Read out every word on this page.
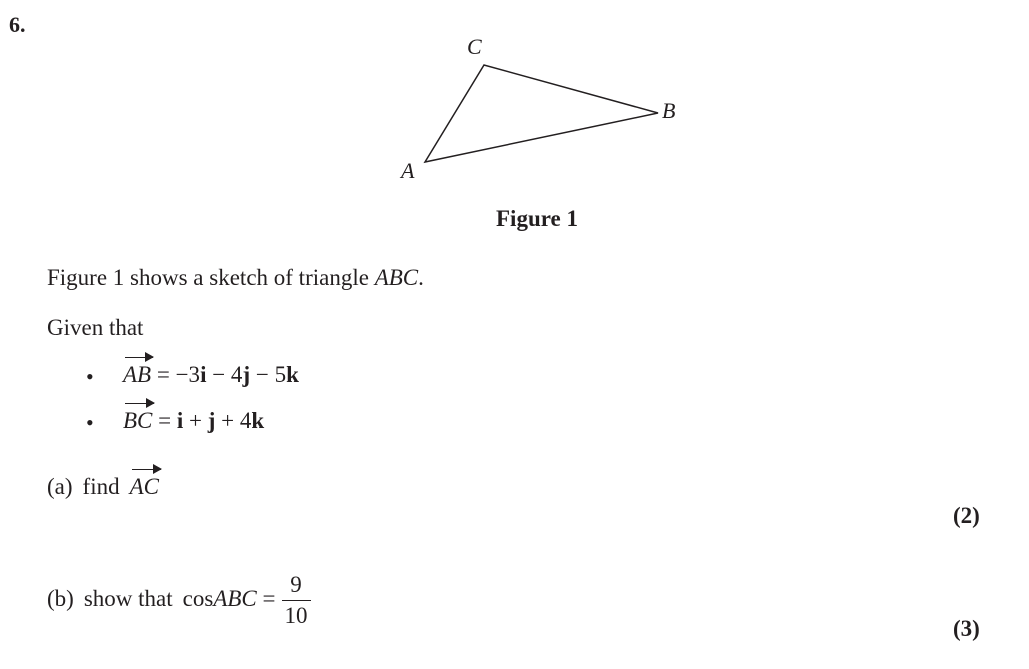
6.
A
C
B
Figure 1
Figure 1 shows a sketch of triangle ABC.
Given that
• AB = −3i − 4j − 5k
• BC = i + j + 4k
(a) find AC
(2)
(b) show that cosABC = $\frac{9}{10}$	(3)
